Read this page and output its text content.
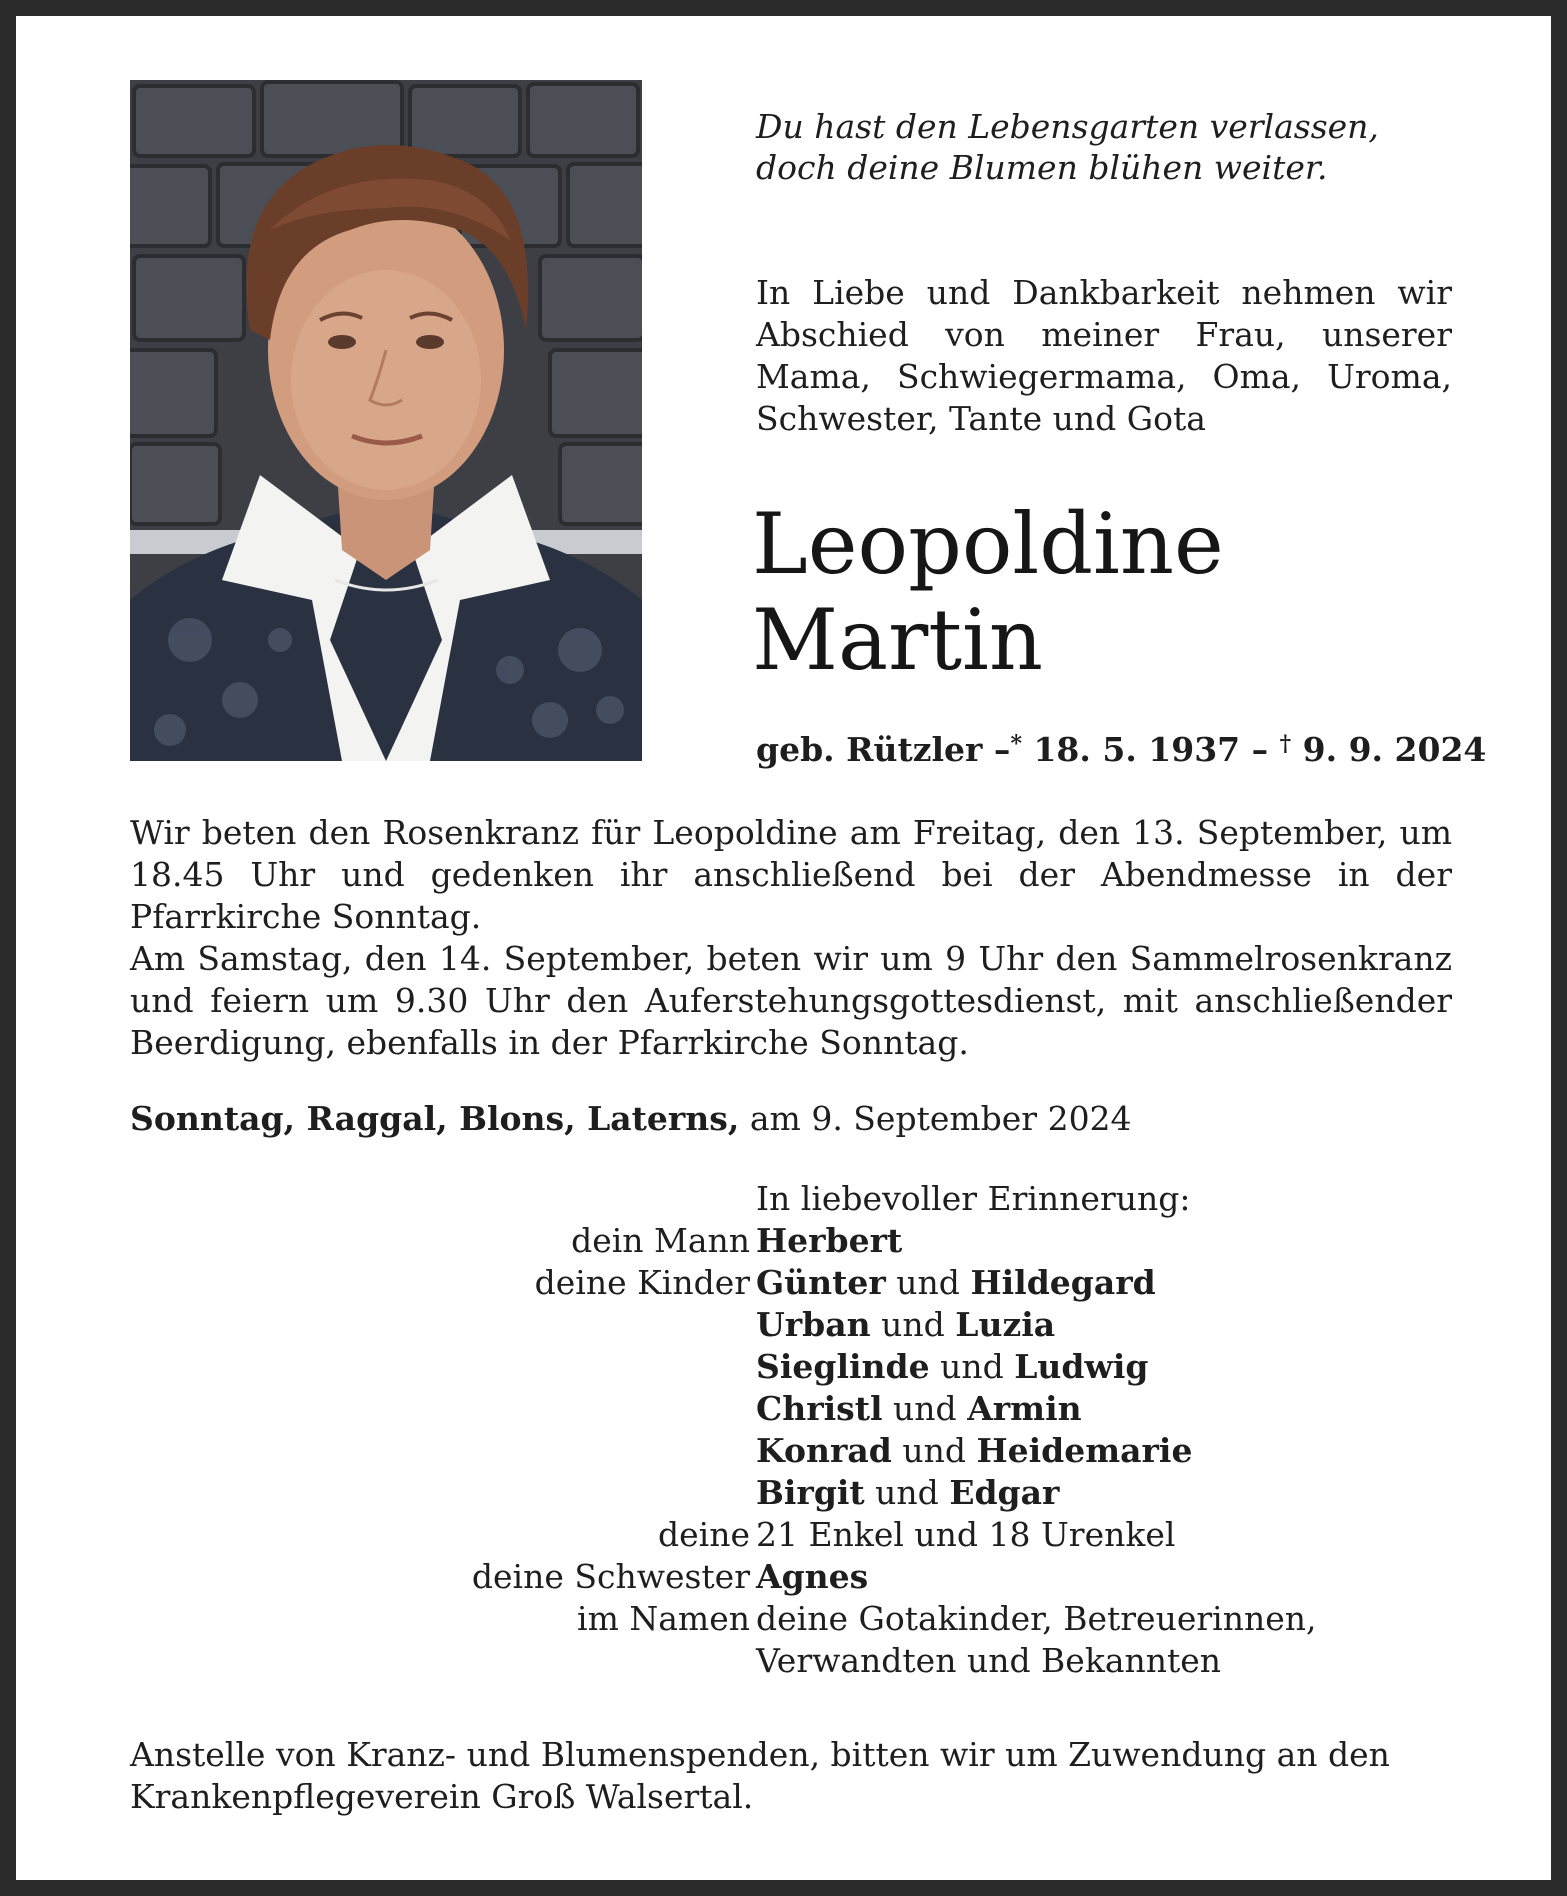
Du hast den Lebensgarten verlassen,
doch deine Blumen blühen weiter.
In Liebe und Dankbarkeit nehmen wir Abschied von meiner Frau, unserer Mama, Schwiegermama, Oma, Uroma, Schwester, Tante und Gota
Leopoldine
Martin
geb. Rützler –* 18. 5. 1937 – † 9. 9. 2024

Wir beten den Rosenkranz für Leopoldine am Freitag, den 13. September, um 18.45 Uhr und gedenken ihr anschließend bei der Abendmesse in der Pfarrkirche Sonntag.

Am Samstag, den 14. September, beten wir um 9 Uhr den Sammelrosenkranz und feiern um 9.30 Uhr den Auferstehungsgottesdienst, mit anschließender Beerdigung, ebenfalls in der Pfarrkirche Sonntag.

Sonntag, Raggal, Blons, Laterns, am 9. September 2024
In liebevoller Erinnerung:
dein Mann Herbert
deine Kinder Günter und Hildegard
Urban und Luzia
Sieglinde und Ludwig
Christl und Armin
Konrad und Heidemarie
Birgit und Edgar
deine 21 Enkel und 18 Urenkel
deine Schwester Agnes
im Namen deine Gotakinder, Betreuerinnen,
Verwandten und Bekannten
Anstelle von Kranz- und Blumenspenden, bitten wir um Zuwendung an den
Krankenpflegeverein Groß Walsertal.
